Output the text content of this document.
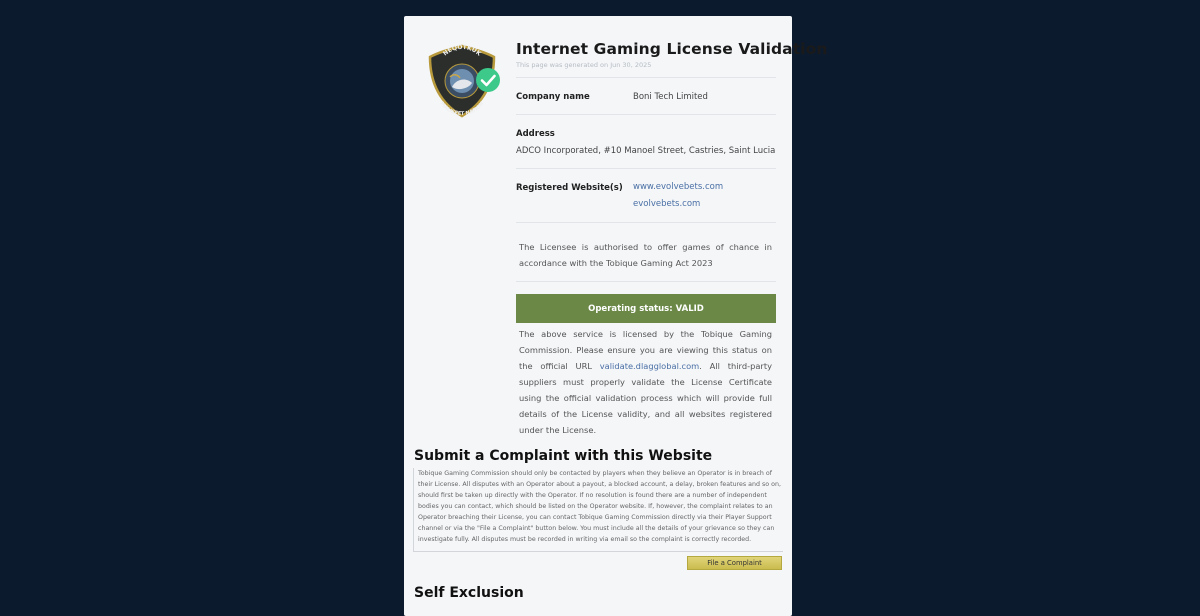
NEQOTKUK
MALISEET NATION
Internet Gaming License Validation
This page was generated on Jun 30, 2025
Company name	Boni Tech Limited
Address
ADCO Incorporated, #10 Manoel Street, Castries, Saint Lucia
Registered Website(s) www.evolvebets.com
evolvebets.com
The Licensee is authorised to offer games of chance in accordance with the Tobique Gaming Act 2023
Operating status: VALID
The above service is licensed by the Tobique Gaming Commission. Please ensure you are viewing this status on the official URL validate.dlagglobal.com. All third-party suppliers must properly validate the License Certificate using the official validation process which will provide full details of the License validity, and all websites registered under the License.
Submit a Complaint with this Website
Tobique Gaming Commission should only be contacted by players when they believe an Operator is in breach of their License. All disputes with an Operator about a payout, a blocked account, a delay, broken features and so on, should first be taken up directly with the Operator. If no resolution is found there are a number of independent bodies you can contact, which should be listed on the Operator website. If, however, the complaint relates to an Operator breaching their License, you can contact Tobique Gaming Commission directly via their Player Support channel or via the "File a Complaint" button below. You must include all the details of your grievance so they can investigate fully. All disputes must be recorded in writing via email so the complaint is correctly recorded.
File a Complaint
Self Exclusion
